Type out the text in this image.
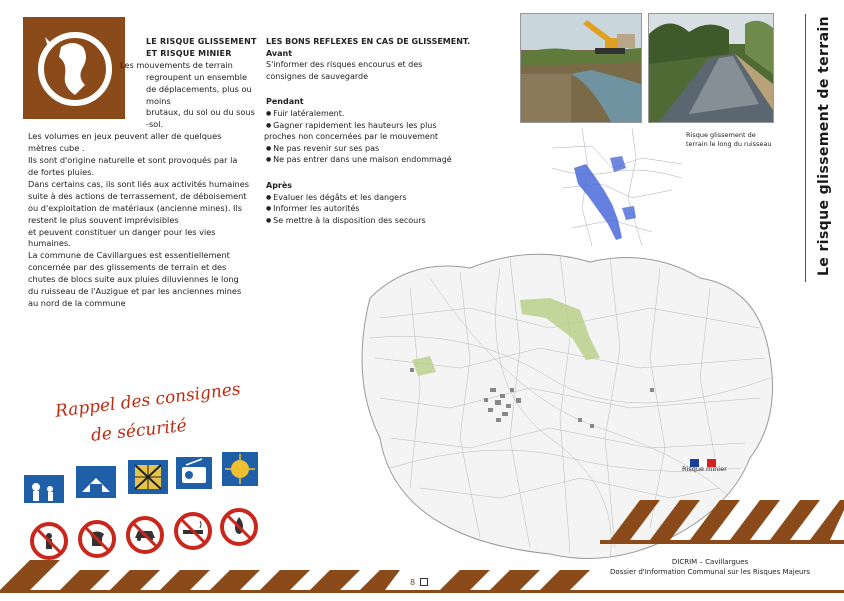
LE RISQUE GLISSEMENT
ET RISQUE MINIER
Les mouvements de terrain
regroupent un ensemble
de déplacements, plus ou
moins
brutaux, du sol ou du sous
-sol.

Les volumes en jeux peuvent aller de quelques
mètres cube .
Ils sont d'origine naturelle et sont provoqués par la
de fortes pluies.
Dans certains cas, ils sont liés aux activités humaines
suite à des actions de terrassement, de déboisement
ou d'exploitation de matériaux (ancienne mines). Ils
restent le plus souvent imprévisibles
et peuvent constituer un danger pour les vies
humaines.
La commune de Cavillargues est essentiellement
concernée par des glissements de terrain et des
chutes de blocs suite aux pluies diluviennes le long
du ruisseau de l'Auzigue et par les anciennes mines
au nord de la commune

LES BONS REFLEXES EN CAS DE GLISSEMENT.
Avant
S'informer des risques encourus et des
consignes de sauvegarde
Pendant
● Fuir latéralement.
● Gagner rapidement les hauteurs les plus
proches non concernées par le mouvement
● Ne pas revenir sur ses pas
● Ne pas entrer dans une maison endommagé
Après
● Evaluer les dégâts et les dangers
● Informer les autorités
● Se mettre à la disposition des secours	Le risque glissement de terrain
Risque glissement de terrain le long du ruisseau
Risque minier
Rappel des consignes
de sécurité
DICRIM – Cavillargues
Dossier d'Information Communal sur les Risques Majeurs
8
